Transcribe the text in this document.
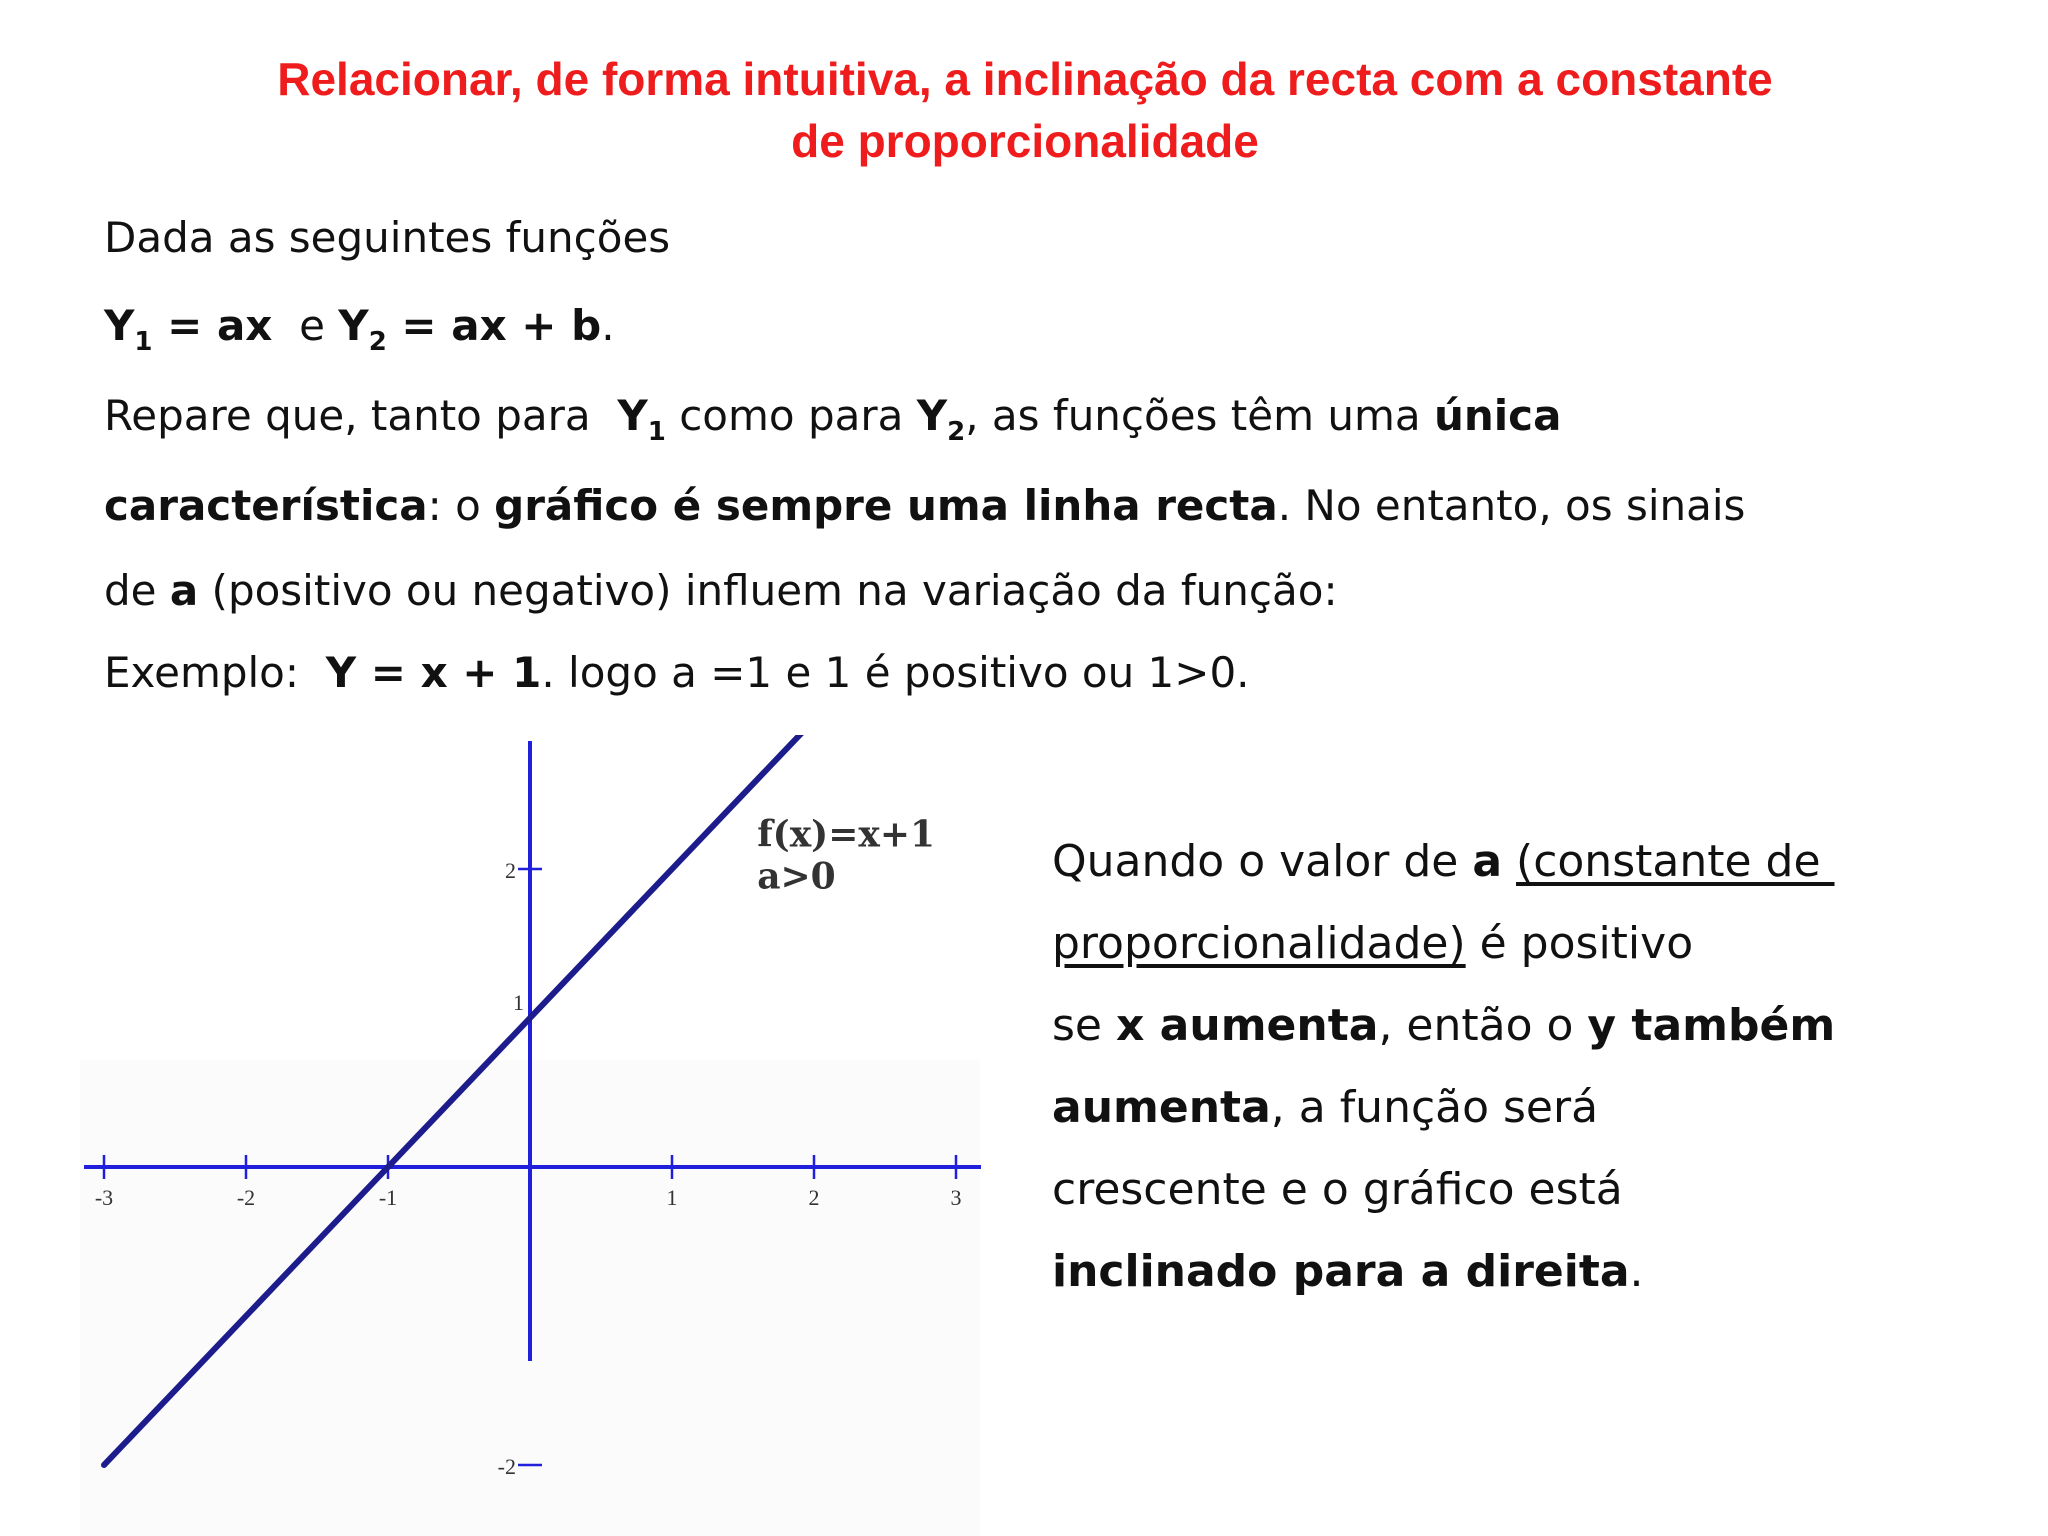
Relacionar, de forma intuitiva, a inclinação da recta com a constante
de proporcionalidade
Dada as seguintes funções
$Y_1$ = ax  e $Y_2$ = ax + b.
Repare que, tanto para  $Y_1$ como para $Y_2$, as funções têm uma única
característica: o gráfico é sempre uma linha recta. No entanto, os sinais
de a (positivo ou negativo) influem na variação da função:
Exemplo:  Y = x + 1. logo a =1 e 1 é positivo ou 1>0.
-3	-2	-1	1	2	3
2
1
-2
f(x)=x+1
a>0	Quando o valor de a (constante de
proporcionalidade) é positivo
se x aumenta, então o y também
aumenta, a função será
crescente e o gráfico está
inclinado para a direita.
